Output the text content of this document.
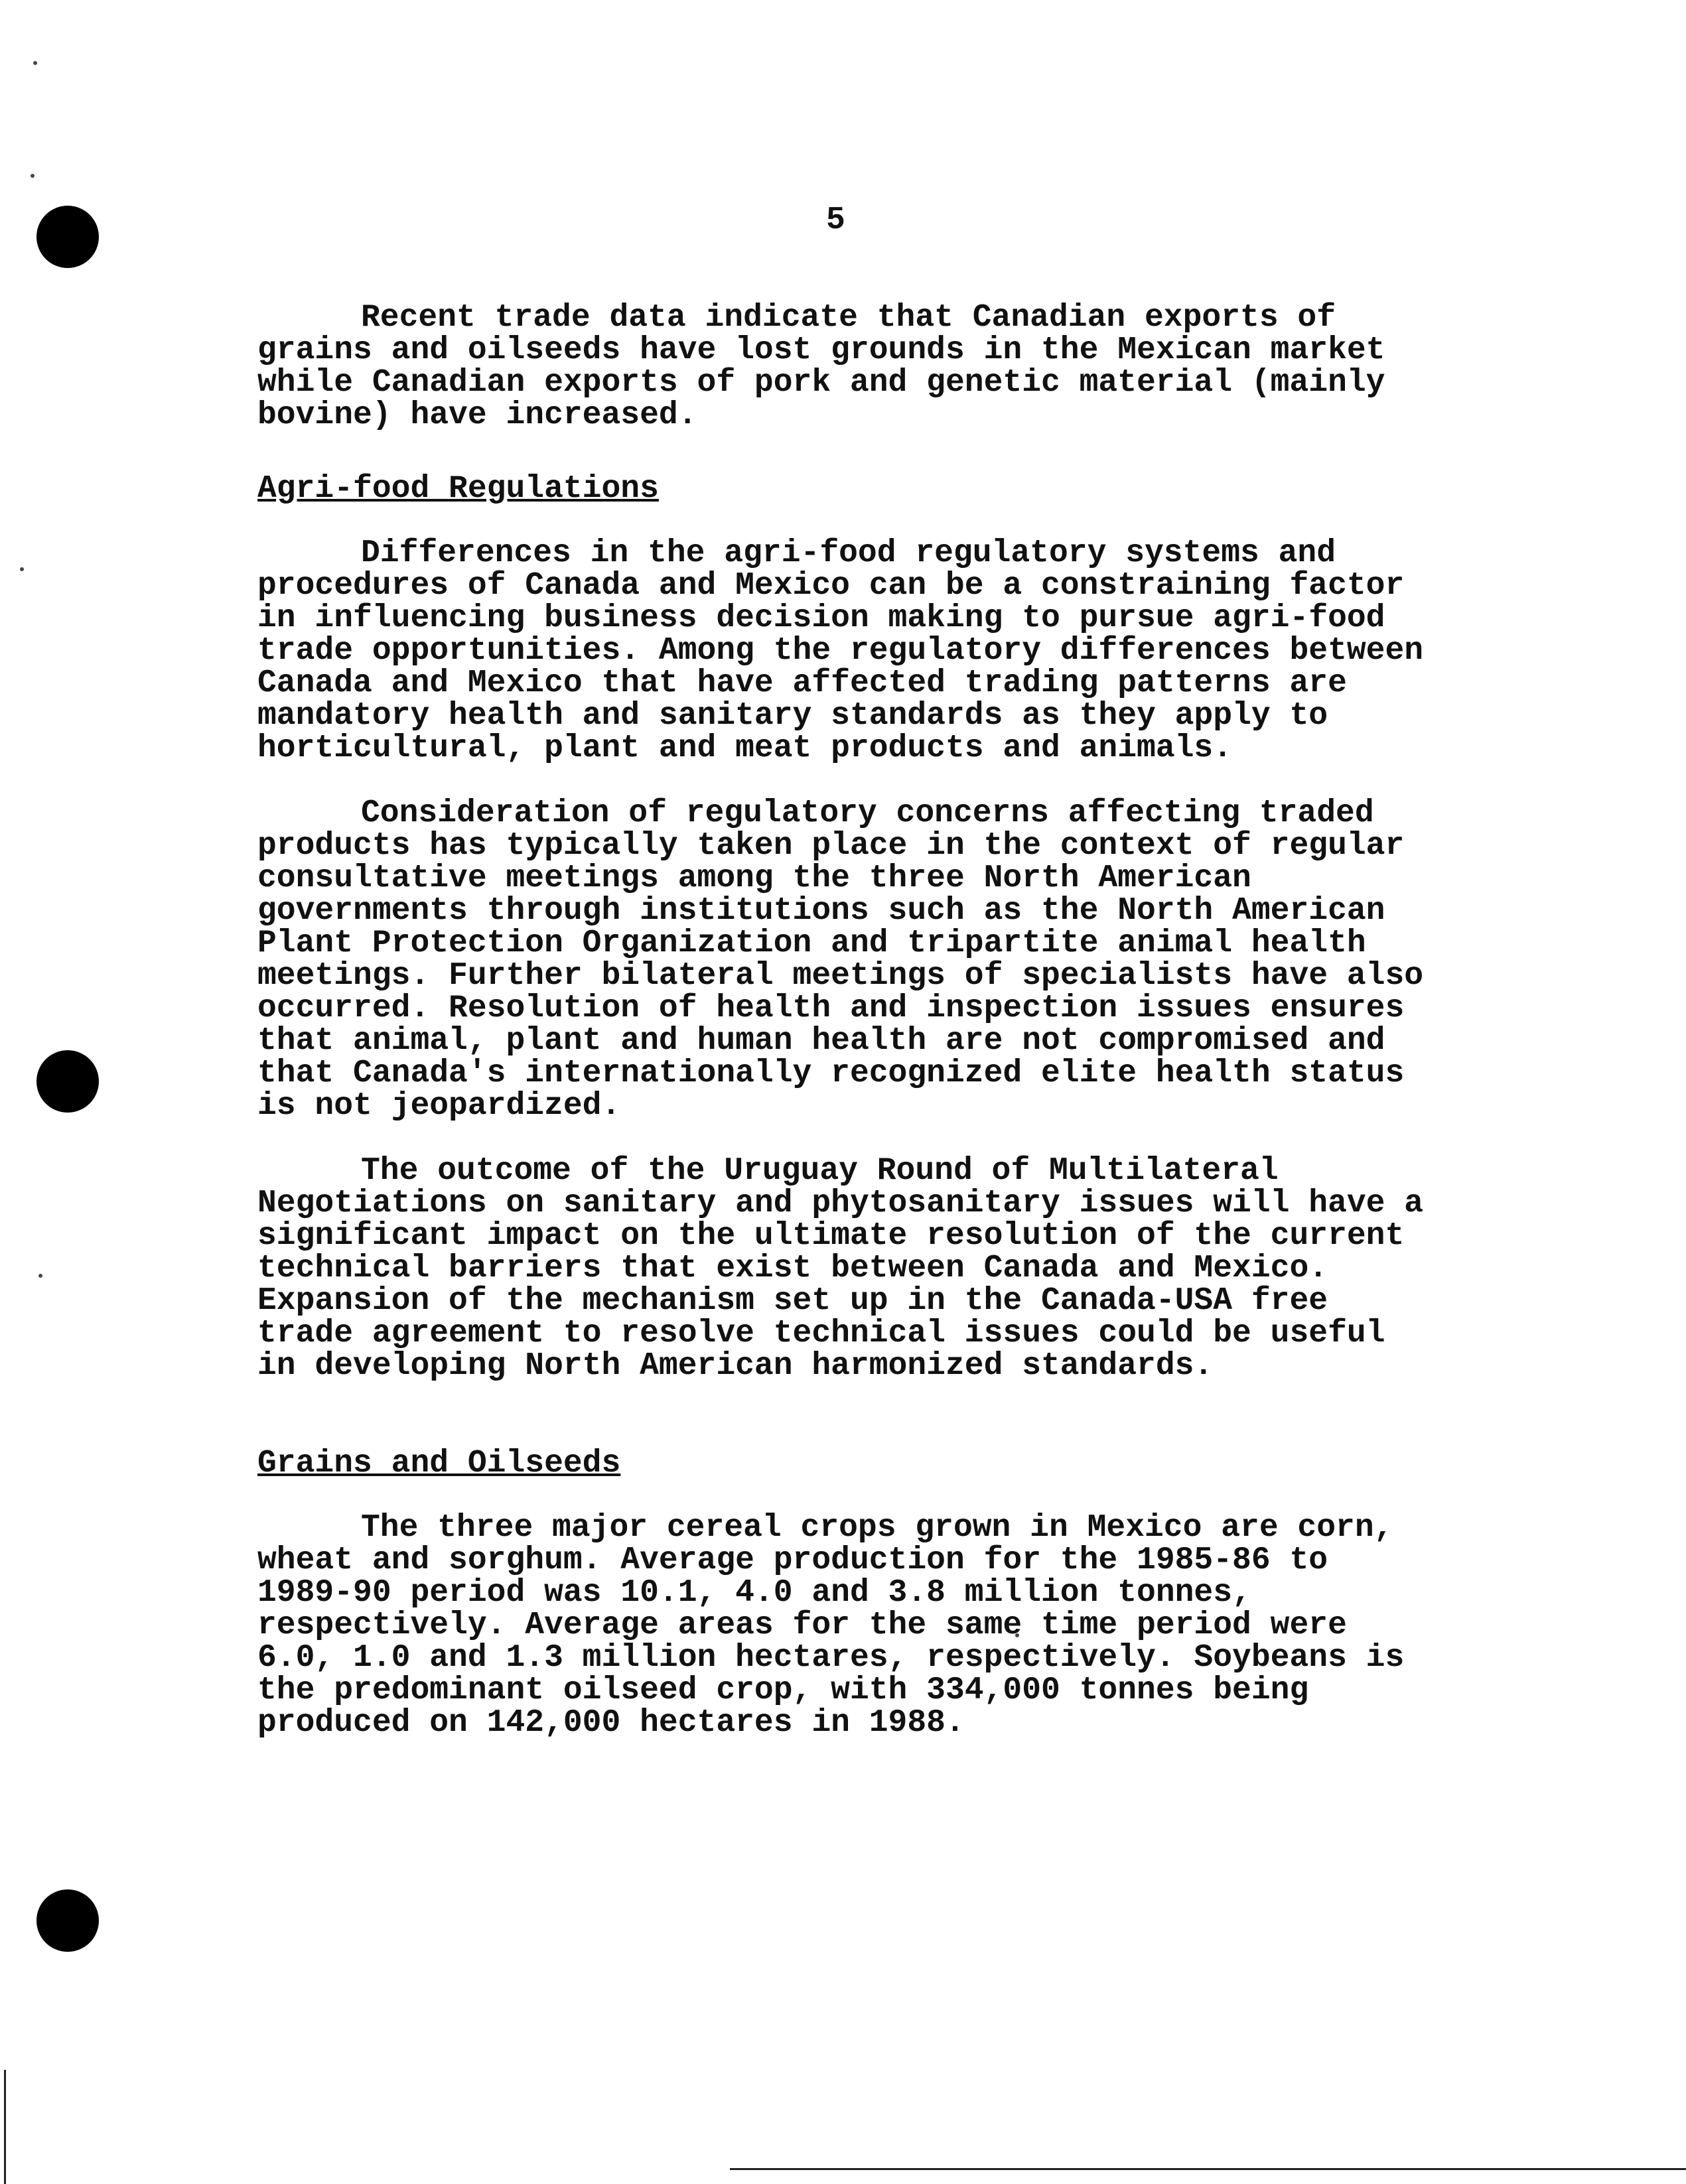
5

Recent trade data indicate that Canadian exports of grains and oilseeds have lost grounds in the Mexican market while Canadian exports of pork and genetic material (mainly bovine) have increased.

Agri-food Regulations

Differences in the agri-food regulatory systems and procedures of Canada and Mexico can be a constraining factor in influencing business decision making to pursue agri-food trade opportunities. Among the regulatory differences between Canada and Mexico that have affected trading patterns are mandatory health and sanitary standards as they apply to horticultural, plant and meat products and animals.

Consideration of regulatory concerns affecting traded products has typically taken place in the context of regular consultative meetings among the three North American governments through institutions such as the North American Plant Protection Organization and tripartite animal health meetings. Further bilateral meetings of specialists have also occurred. Resolution of health and inspection issues ensures that animal, plant and human health are not compromised and that Canada's internationally recognized elite health status is not jeopardized.

The outcome of the Uruguay Round of Multilateral Negotiations on sanitary and phytosanitary issues will have a significant impact on the ultimate resolution of the current technical barriers that exist between Canada and Mexico. Expansion of the mechanism set up in the Canada-USA free trade agreement to resolve technical issues could be useful in developing North American harmonized standards.

Grains and Oilseeds

The three major cereal crops grown in Mexico are corn, wheat and sorghum. Average production for the 1985-86 to 1989-90 period was 10.1, 4.0 and 3.8 million tonnes, respectively. Average areas for the same time period were 6.0, 1.0 and 1.3 million hectares, respectively. Soybeans is the predominant oilseed crop, with 334,000 tonnes being produced on 142,000 hectares in 1988.
